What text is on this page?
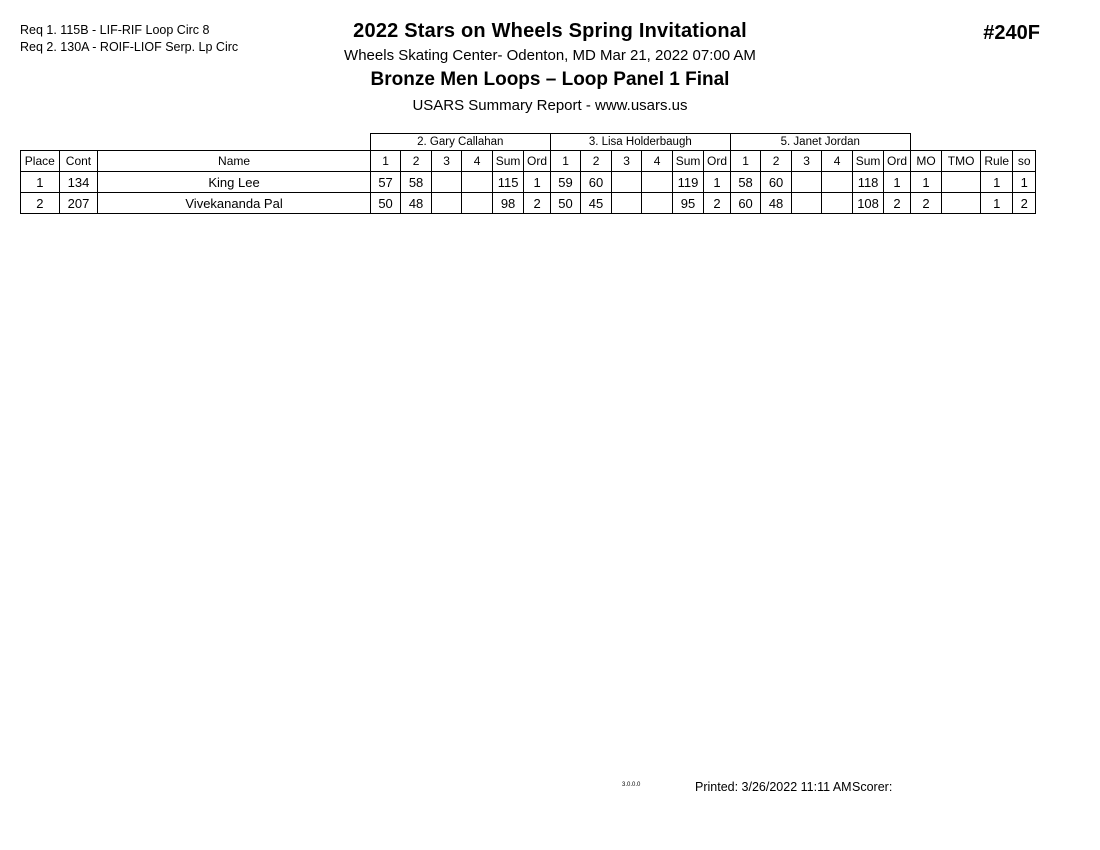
Req 1. 115B - LIF-RIF Loop Circ 8
Req 2. 130A - ROIF-LIOF Serp. Lp Circ
2022 Stars on Wheels Spring Invitational
Wheels Skating Center- Odenton, MD Mar 21, 2022 07:00 AM
Bronze Men Loops – Loop Panel 1 Final
USARS Summary Report - www.usars.us
#240F
			2. Gary Callahan						3. Lisa Holderbaugh						5. Janet Jordan									
Place	Cont	Name	1	2	3	4	Sum	Ord	1	2	3	4	Sum	Ord	1	2	3	4	Sum	Ord	MO	TMO	Rule	so
1	134	King Lee	57	58			115	1	59	60			119	1	58	60			118	1	1		1	1
2	207	Vivekananda Pal	50	48			98	2	50	45			95	2	60	48			108	2	2		1	2
3.0.0.0	Printed: 3/26/2022 11:11 AM Scorer:
